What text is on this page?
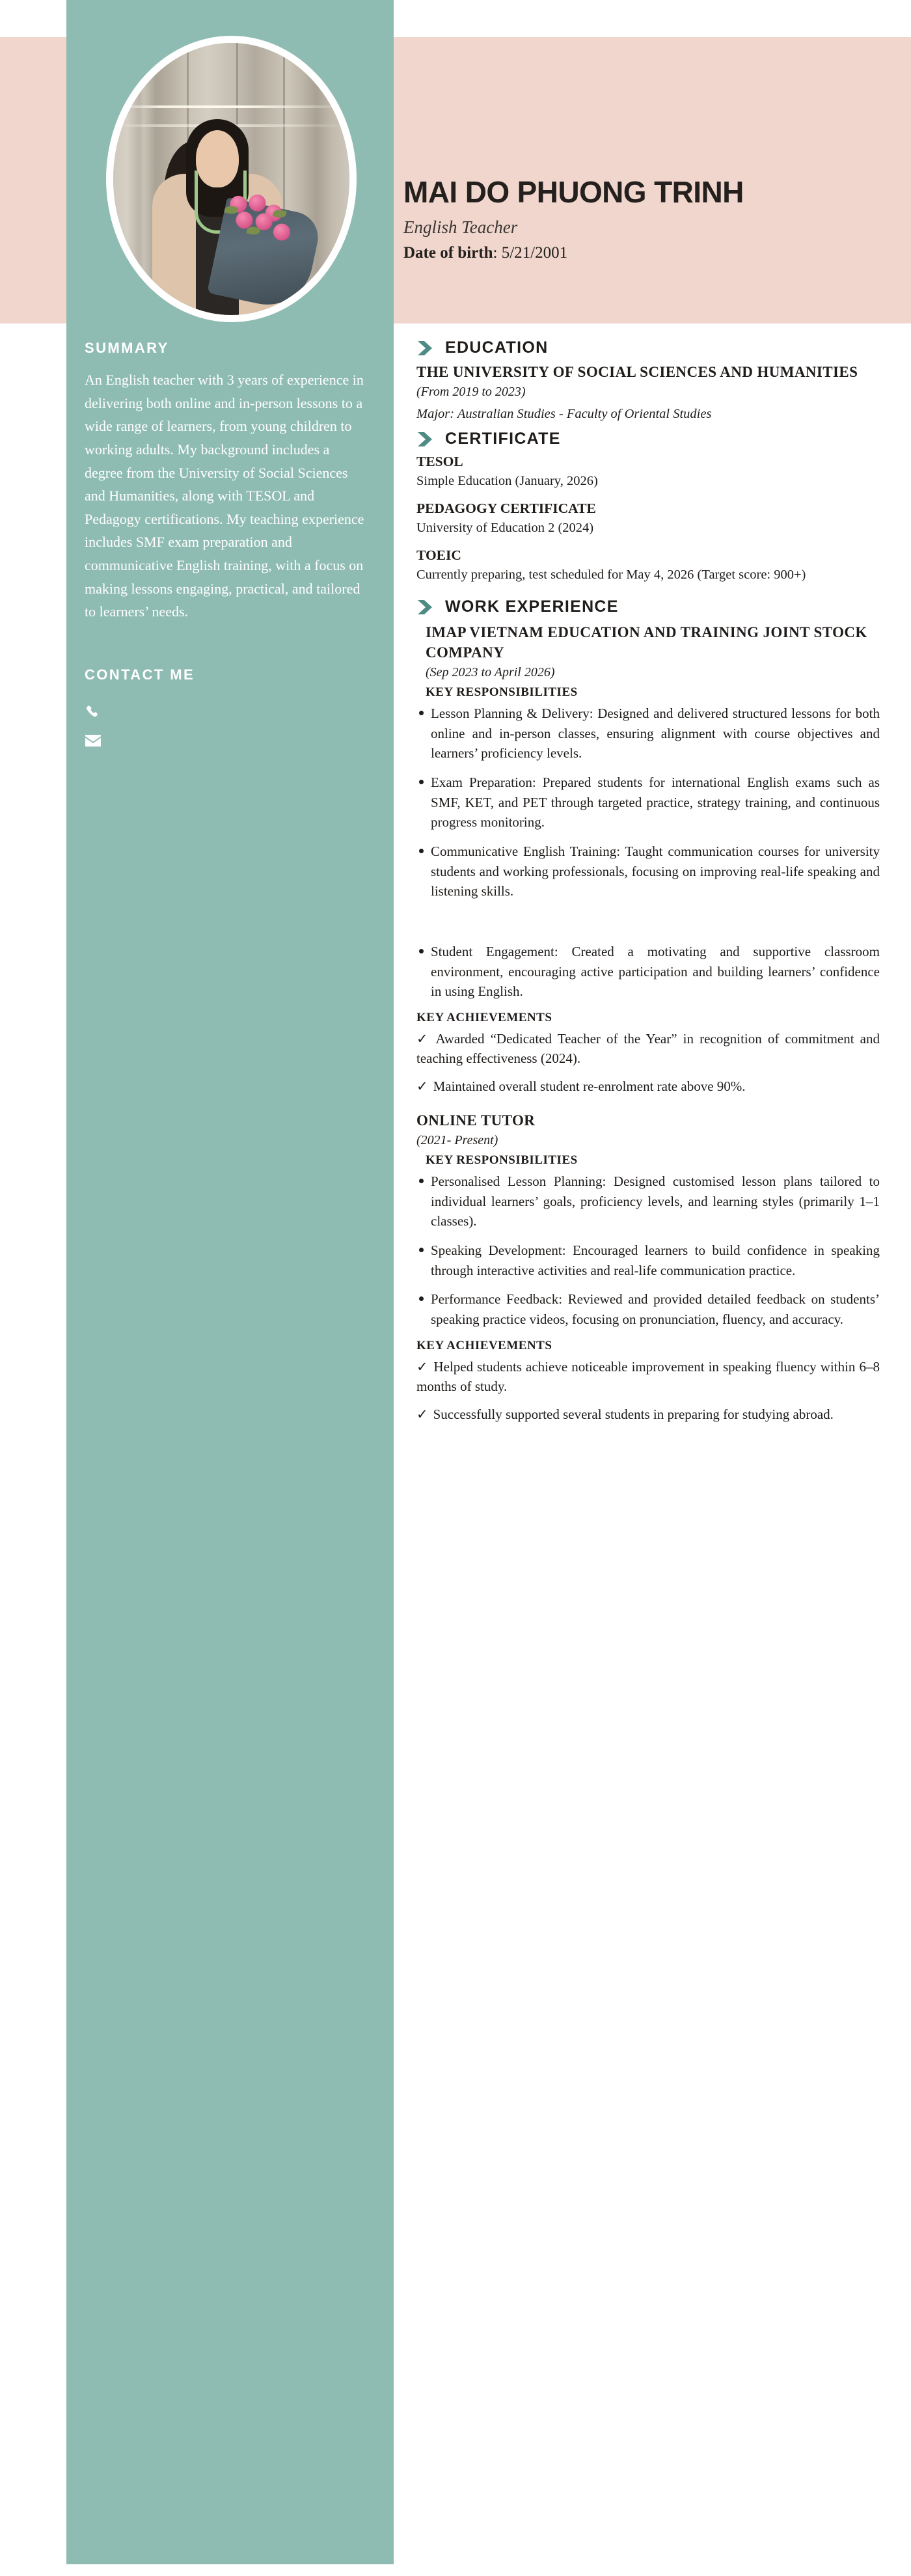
MAI DO PHUONG TRINH
English Teacher
Date of birth: 5/21/2001
SUMMARY

An English teacher with 3 years of experience in delivering both online and in-person lessons to a wide range of learners, from young children to working adults. My background includes a degree from the University of Social Sciences and Humanities, along with TESOL and Pedagogy certifications. My teaching experience includes SMF exam preparation and communicative English training, with a focus on making lessons engaging, practical, and tailored to learners’ needs.

CONTACT ME
EDUCATION
THE UNIVERSITY OF SOCIAL SCIENCES AND HUMANITIES
(From 2019 to 2023)
Major: Australian Studies - Faculty of Oriental Studies
CERTIFICATE
TESOL
Simple Education (January, 2026)
PEDAGOGY CERTIFICATE
University of Education 2 (2024)
TOEIC
Currently preparing, test scheduled for May 4, 2026 (Target score: 900+)
WORK EXPERIENCE
IMAP VIETNAM EDUCATION AND TRAINING JOINT STOCK COMPANY
(Sep 2023 to April 2026)
KEY RESPONSIBILITIES
Lesson Planning & Delivery: Designed and delivered structured lessons for both online and in-person classes, ensuring alignment with course objectives and learners’ proficiency levels.
Exam Preparation: Prepared students for international English exams such as SMF, KET, and PET through targeted practice, strategy training, and continuous progress monitoring.
Communicative English Training: Taught communication courses for university students and working professionals, focusing on improving real-life speaking and listening skills.
Student Engagement: Created a motivating and supportive classroom environment, encouraging active participation and building learners’ confidence in using English.
KEY ACHIEVEMENTS
✓ Awarded “Dedicated Teacher of the Year” in recognition of commitment and teaching effectiveness (2024).
✓ Maintained overall student re-enrolment rate above 90%.
ONLINE TUTOR
(2021- Present)
KEY RESPONSIBILITIES
Personalised Lesson Planning: Designed customised lesson plans tailored to individual learners’ goals, proficiency levels, and learning styles (primarily 1–1 classes).
Speaking Development: Encouraged learners to build confidence in speaking through interactive activities and real-life communication practice.
Performance Feedback: Reviewed and provided detailed feedback on students’ speaking practice videos, focusing on pronunciation, fluency, and accuracy.
KEY ACHIEVEMENTS
✓ Helped students achieve noticeable improvement in speaking fluency within 6–8 months of study.
✓ Successfully supported several students in preparing for studying abroad.
